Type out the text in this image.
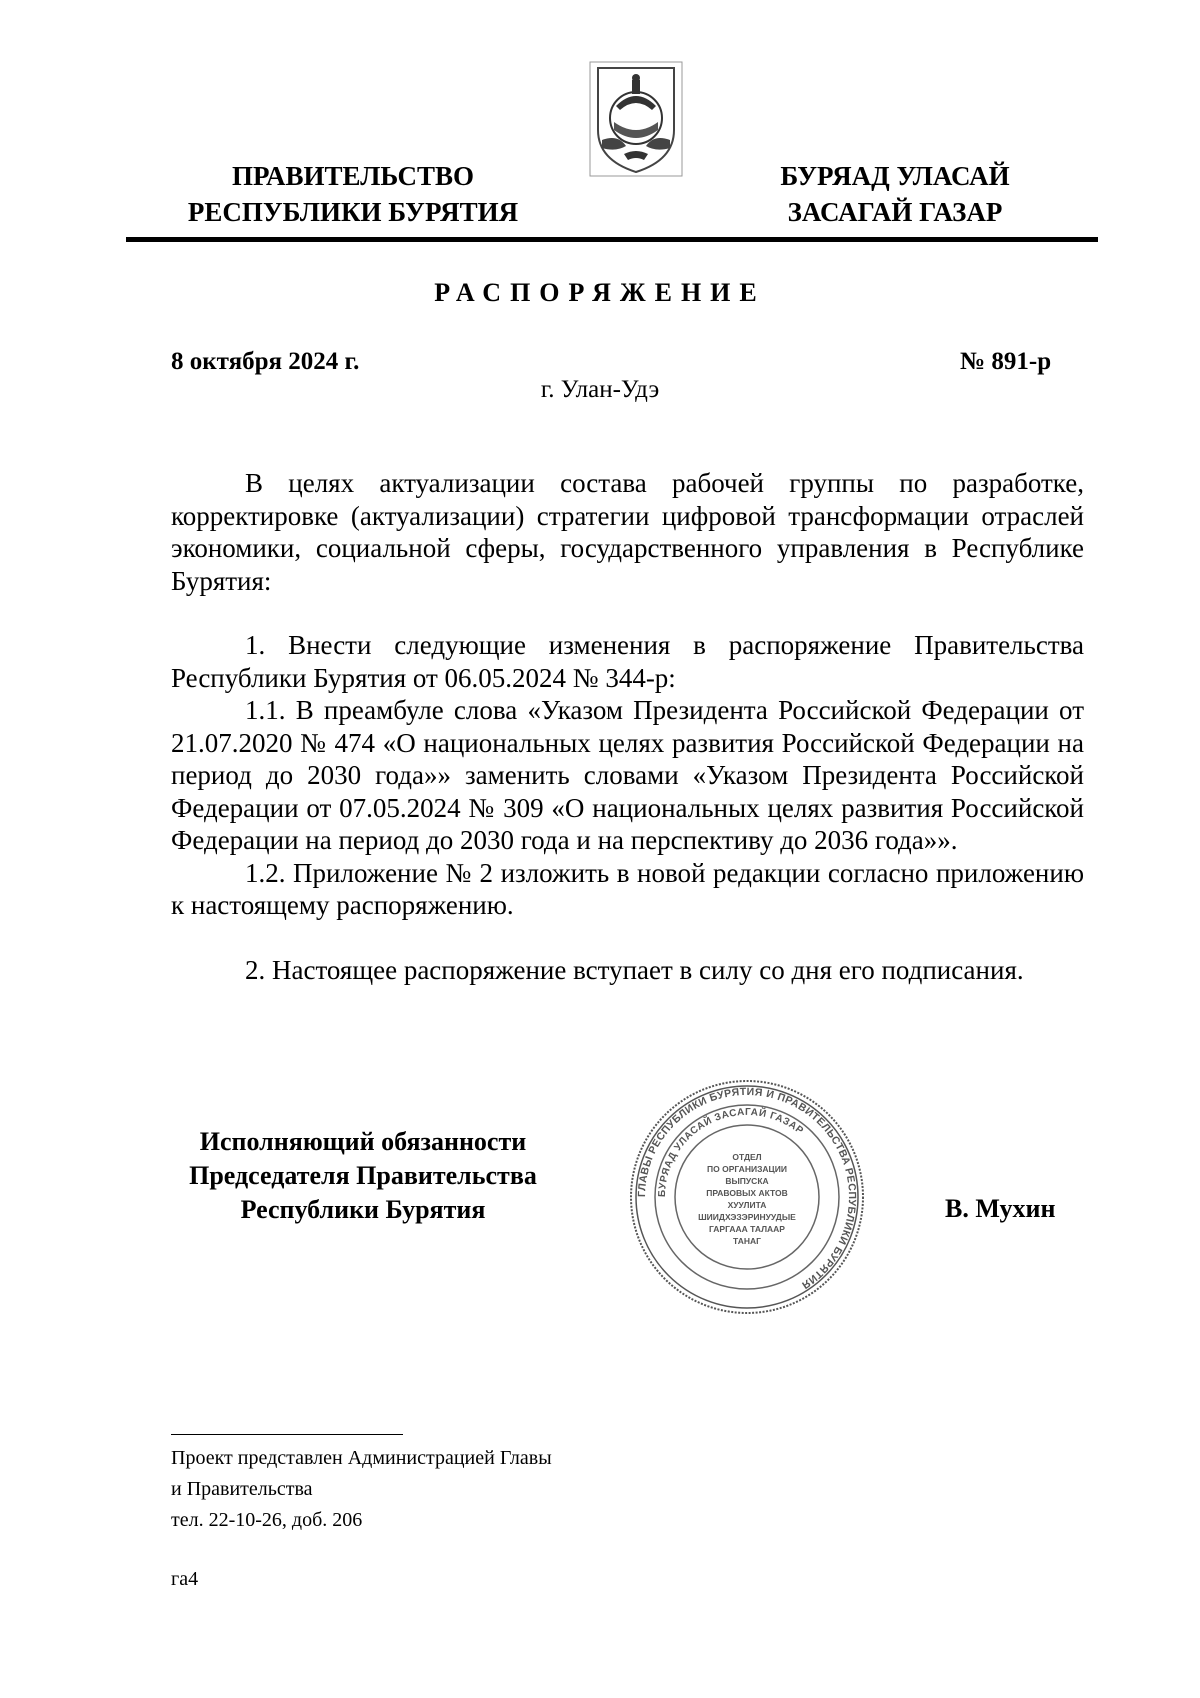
ПРАВИТЕЛЬСТВО
РЕСПУБЛИКИ БУРЯТИЯ
БУРЯАД УЛАСАЙ
ЗАСАГАЙ ГАЗАР
РАСПОРЯЖЕНИЕ
8 октября 2024 г.	№ 891-р
г. Улан-Удэ

В целях актуализации состава рабочей группы по разработке, корректировке (актуализации) стратегии цифровой трансформации отраслей экономики, социальной сферы, государственного управления в Республике Бурятия:

1. Внести следующие изменения в распоряжение Правительства Республики Бурятия от 06.05.2024 № 344-р:

1.1. В преамбуле слова «Указом Президента Российской Федерации от 21.07.2020 № 474 «О национальных целях развития Российской Федерации на период до 2030 года»» заменить словами «Указом Президента Российской Федерации от 07.05.2024 № 309 «О национальных целях развития Российской Федерации на период до 2030 года и на перспективу до 2036 года»».

1.2. Приложение № 2 изложить в новой редакции согласно приложению к настоящему распоряжению.

2. Настоящее распоряжение вступает в силу со дня его подписания.

Исполняющий обязанности
Председателя Правительства
Республики Бурятия
ГЛАВЫ РЕСПУБЛИКИ БУРЯТИЯ И ПРАВИТЕЛЬСТВА РЕСПУБЛИКИ БУРЯТИЯ
БУРЯАД УЛАСАЙ ЗАСАГАЙ ГАЗАР
ОТДЕЛ
ПО ОРГАНИЗАЦИИ
ВЫПУСКА
ПРАВОВЫХ АКТОВ
ХУУЛИТА
ШИИДХЭЗЭРИНУУДЫЕ
ГАРГААА ТАЛААР
ТАНАГ
В. Мухин
Проект представлен Администрацией Главы
и Правительства
тел. 22-10-26, доб. 206
га4
